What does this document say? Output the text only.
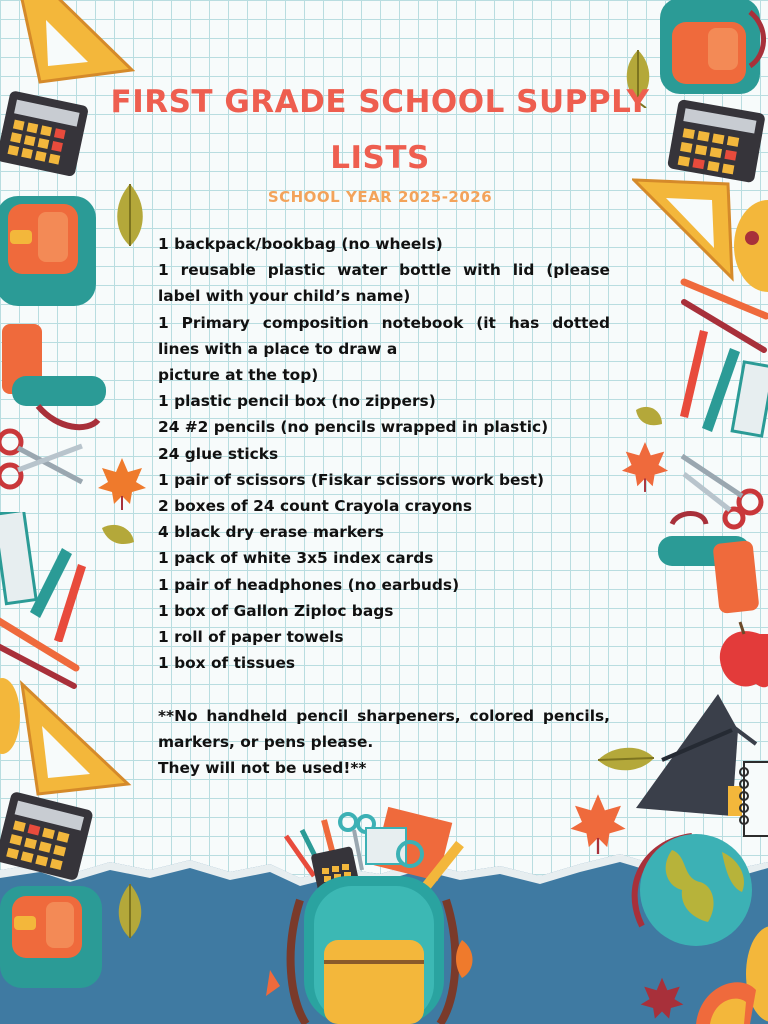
FIRST GRADE SCHOOL SUPPLY
LISTS
SCHOOL YEAR 2025-2026
1 backpack/bookbag (no wheels)
1 reusable plastic water bottle with lid (please label with your child’s name)
1 Primary composition notebook (it has dotted lines with a place to draw a
picture at the top)
1 plastic pencil box (no zippers)
24 #2 pencils (no pencils wrapped in plastic)
24 glue sticks
1 pair of scissors (Fiskar scissors work best)
2 boxes of 24 count Crayola crayons
4 black dry erase markers
1 pack of white 3x5 index cards
1 pair of headphones (no earbuds)
1 box of Gallon Ziploc bags
1 roll of paper towels
1 box of tissues
**No handheld pencil sharpeners, colored pencils, markers, or pens please.
They will not be used!**
